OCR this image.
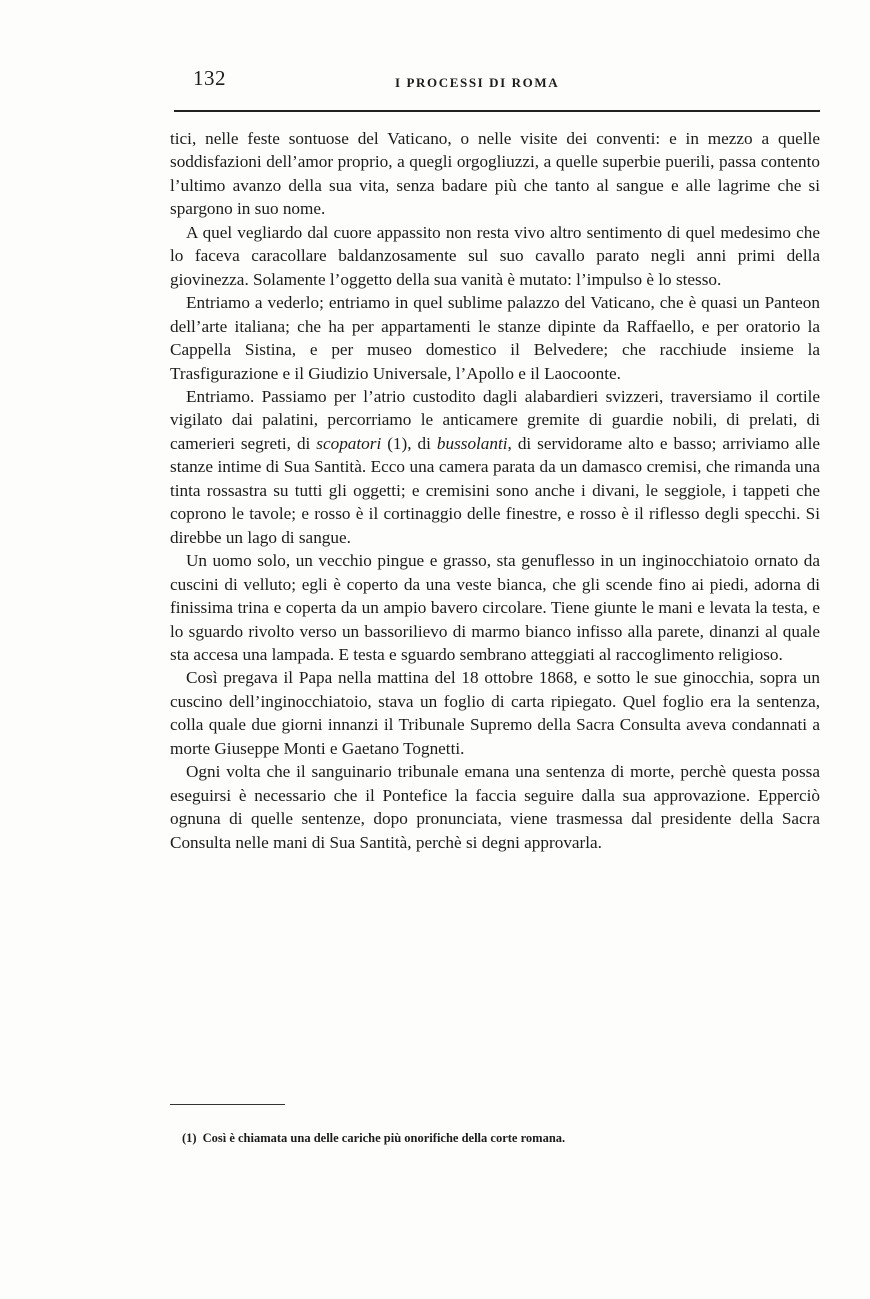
132	I PROCESSI DI ROMA

tici, nelle feste sontuose del Vaticano, o nelle visite dei conventi: e in mezzo a quelle soddisfazioni dell’amor proprio, a quegli orgogliuzzi, a quelle superbie puerili, passa contento l’ultimo avanzo della sua vita, senza badare più che tanto al sangue e alle lagrime che si spargono in suo nome.

A quel vegliardo dal cuore appassito non resta vivo altro sentimento di quel medesimo che lo faceva caracollare baldanzosamente sul suo cavallo parato negli anni primi della giovinezza. Solamente l’oggetto della sua vanità è mutato: l’impulso è lo stesso.

Entriamo a vederlo; entriamo in quel sublime palazzo del Vaticano, che è quasi un Panteon dell’arte italiana; che ha per appartamenti le stanze dipinte da Raffaello, e per oratorio la Cappella Sistina, e per museo domestico il Belvedere; che racchiude insieme la Trasfigurazione e il Giudizio Universale, l’Apollo e il Laocoonte.

Entriamo. Passiamo per l’atrio custodito dagli alabardieri svizzeri, traversiamo il cortile vigilato dai palatini, percorriamo le anticamere gremite di guardie nobili, di prelati, di camerieri segreti, di scopatori (1), di bussolanti, di servidorame alto e basso; arriviamo alle stanze intime di Sua Santità. Ecco una camera parata da un damasco cremisi, che rimanda una tinta rossastra su tutti gli oggetti; e cremisini sono anche i divani, le seggiole, i tappeti che coprono le tavole; e rosso è il cortinaggio delle finestre, e rosso è il riflesso degli specchi. Si direbbe un lago di sangue.

Un uomo solo, un vecchio pingue e grasso, sta genuflesso in un inginocchiatoio ornato da cuscini di velluto; egli è coperto da una veste bianca, che gli scende fino ai piedi, adorna di finissima trina e coperta da un ampio bavero circolare. Tiene giunte le mani e levata la testa, e lo sguardo rivolto verso un bassorilievo di marmo bianco infisso alla parete, dinanzi al quale sta accesa una lampada. E testa e sguardo sembrano atteggiati al raccoglimento religioso.

Così pregava il Papa nella mattina del 18 ottobre 1868, e sotto le sue ginocchia, sopra un cuscino dell’inginocchiatoio, stava un foglio di carta ripiegato. Quel foglio era la sentenza, colla quale due giorni innanzi il Tribunale Supremo della Sacra Consulta aveva condannati a morte Giuseppe Monti e Gaetano Tognetti.

Ogni volta che il sanguinario tribunale emana una sentenza di morte, perchè questa possa eseguirsi è necessario che il Pontefice la faccia seguire dalla sua approvazione. Epperciò ognuna di quelle sentenze, dopo pronunciata, viene trasmessa dal presidente della Sacra Consulta nelle mani di Sua Santità, perchè si degni approvarla.

(1) Così è chiamata una delle cariche più onorifiche della corte romana.
